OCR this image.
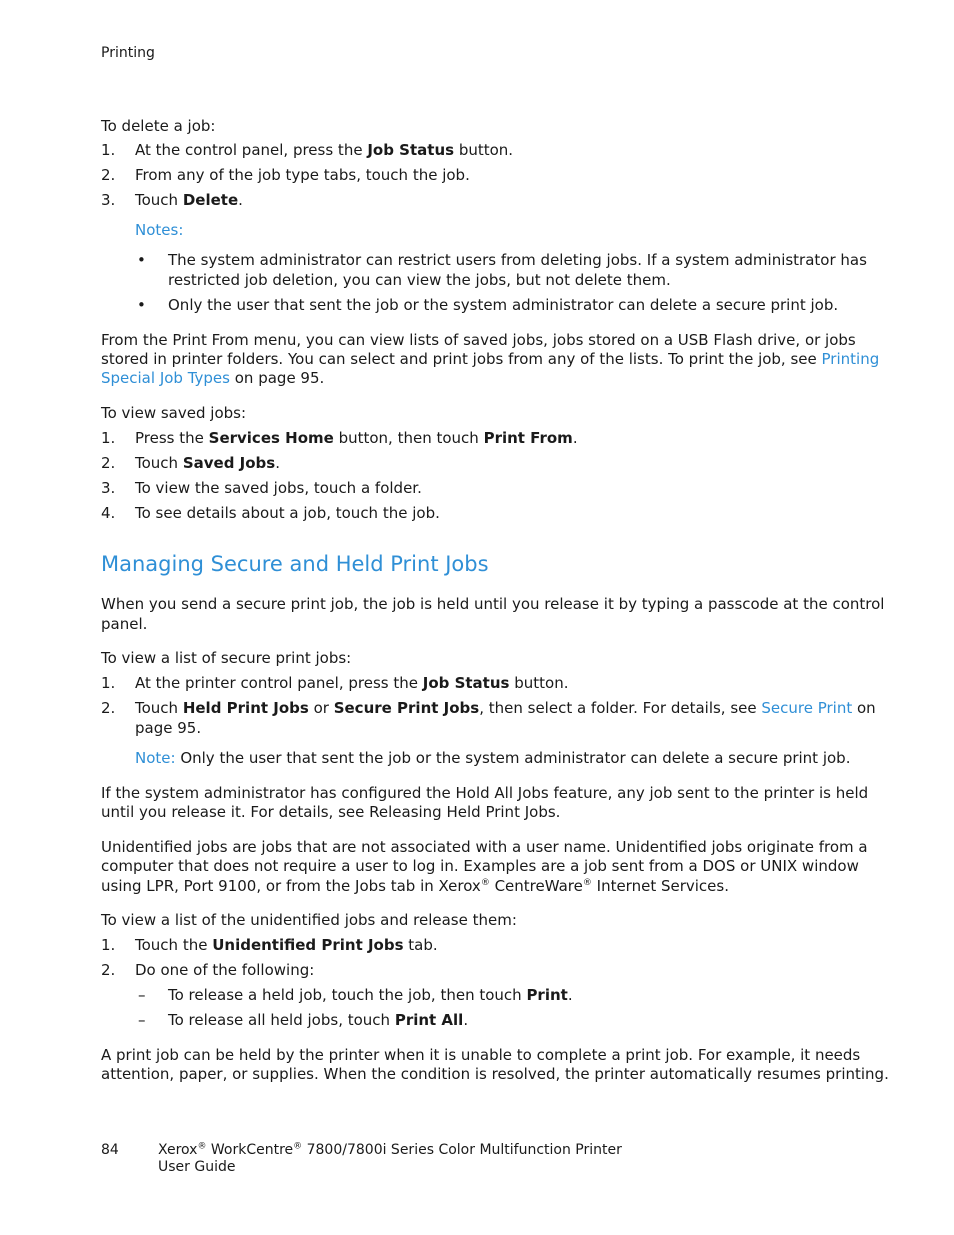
Printing
To delete a job:
1. At the control panel, press the Job Status button.
2. From any of the job type tabs, touch the job.
3. Touch Delete.
Notes:
• The system administrator can restrict users from deleting jobs. If a system administrator has
restricted job deletion, you can view the jobs, but not delete them.
• Only the user that sent the job or the system administrator can delete a secure print job.
From the Print From menu, you can view lists of saved jobs, jobs stored on a USB Flash drive, or jobs
stored in printer folders. You can select and print jobs from any of the lists. To print the job, see Printing
Special Job Types on page 95.
To view saved jobs:
1. Press the Services Home button, then touch Print From.
2. Touch Saved Jobs.
3. To view the saved jobs, touch a folder.
4. To see details about a job, touch the job.
Managing Secure and Held Print Jobs
When you send a secure print job, the job is held until you release it by typing a passcode at the control
panel.
To view a list of secure print jobs:
1. At the printer control panel, press the Job Status button.
2. Touch Held Print Jobs or Secure Print Jobs, then select a folder. For details, see Secure Print on
page 95.
Note: Only the user that sent the job or the system administrator can delete a secure print job.
If the system administrator has configured the Hold All Jobs feature, any job sent to the printer is held
until you release it. For details, see Releasing Held Print Jobs.
Unidentified jobs are jobs that are not associated with a user name. Unidentified jobs originate from a
computer that does not require a user to log in. Examples are a job sent from a DOS or UNIX window
using LPR, Port 9100, or from the Jobs tab in Xerox® CentreWare® Internet Services.
To view a list of the unidentified jobs and release them:
1. Touch the Unidentified Print Jobs tab.
2. Do one of the following:
– To release a held job, touch the job, then touch Print.
– To release all held jobs, touch Print All.
A print job can be held by the printer when it is unable to complete a print job. For example, it needs
attention, paper, or supplies. When the condition is resolved, the printer automatically resumes printing.
84	Xerox® WorkCentre® 7800/7800i Series Color Multifunction Printer
User Guide
